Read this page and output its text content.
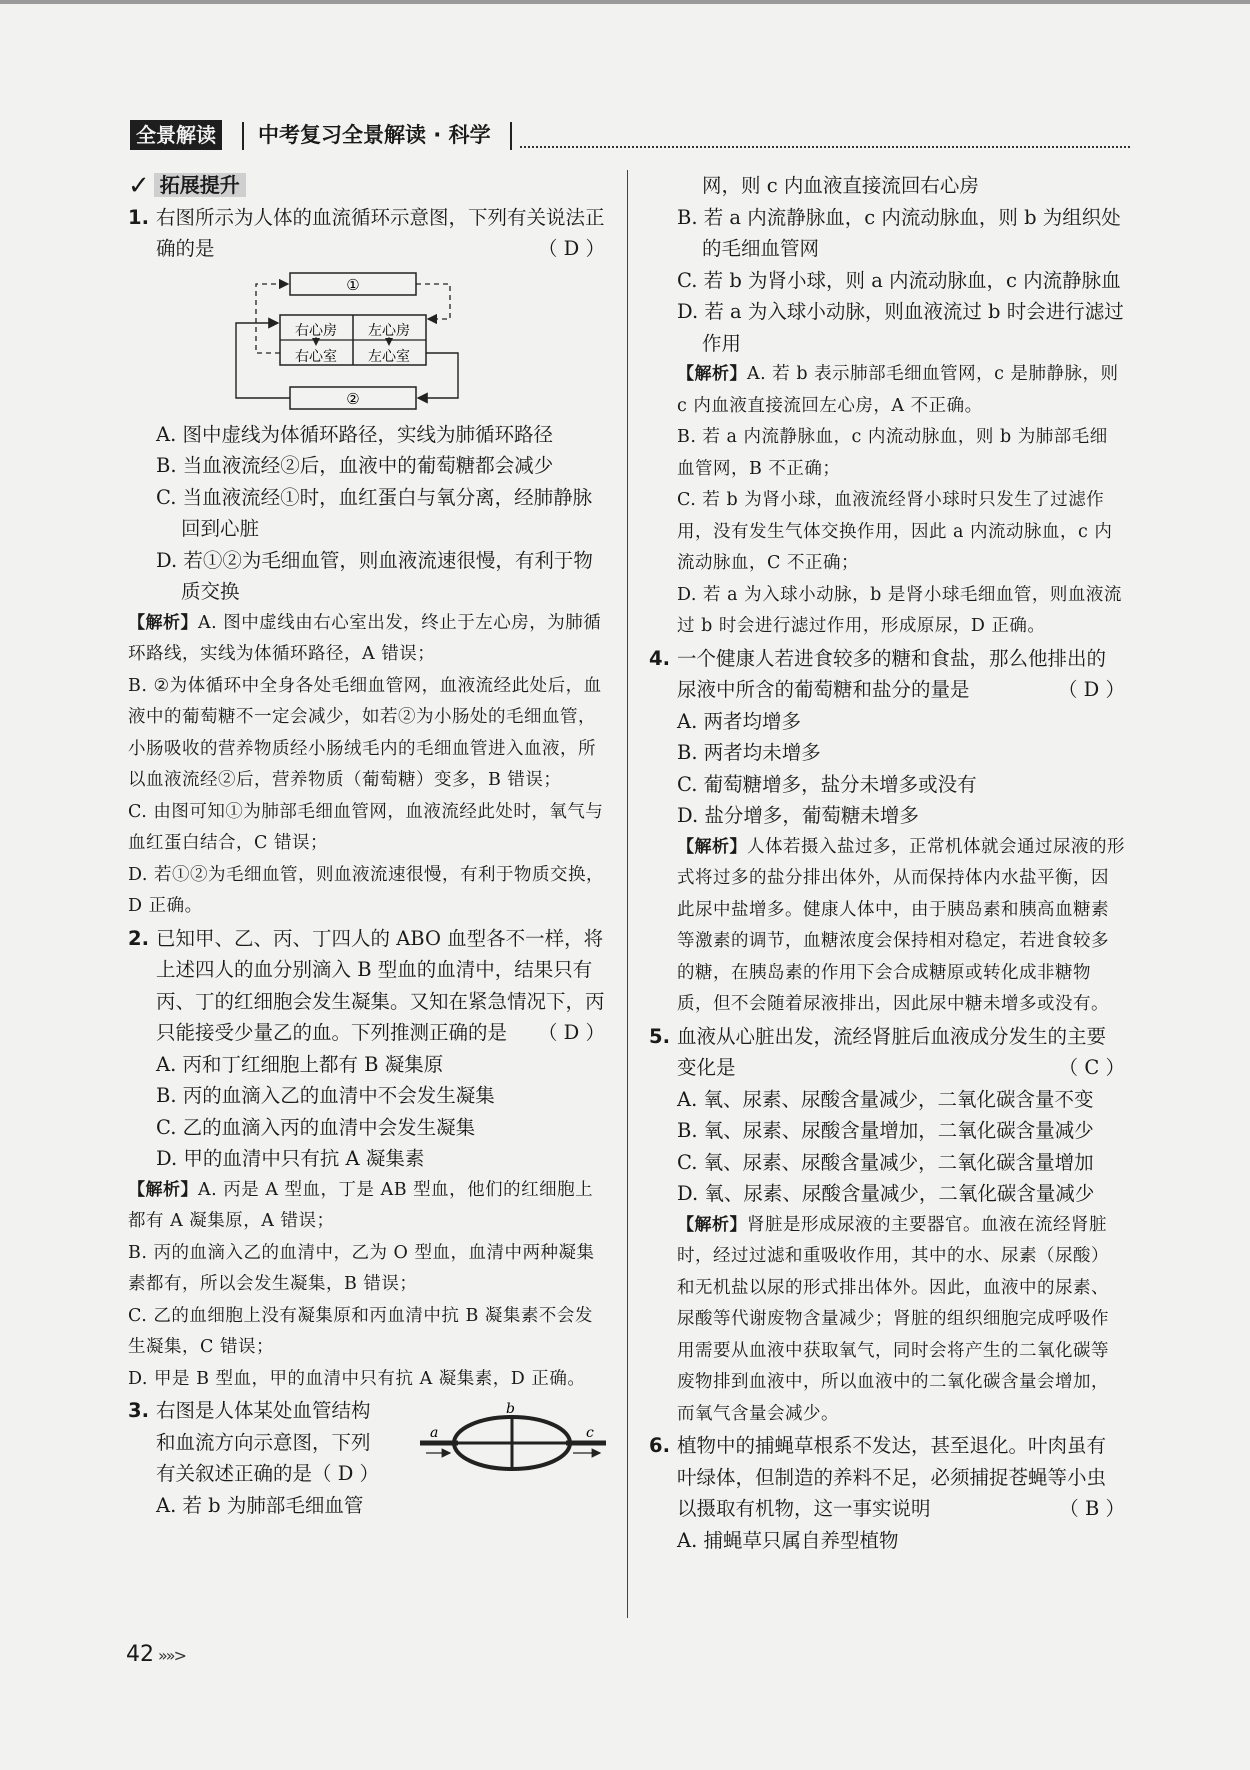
全景解读 中考复习全景解读 · 科学
✓ 拓展提升
1. 右图所示为人体的血流循环示意图，下列有关说法正确的是	（ D ）
①
右心房
右心室
左心房
左心室
②
A. 图中虚线为体循环路径，实线为肺循环路径
B. 当血液流经②后，血液中的葡萄糖都会减少
C. 当血液流经①时，血红蛋白与氧分离，经肺静脉回到心脏
D. 若①②为毛细血管，则血液流速很慢，有利于物质交换

【解析】A. 图中虚线由右心室出发，终止于左心房，为肺循环路线，实线为体循环路径，A 错误；

B. ②为体循环中全身各处毛细血管网，血液流经此处后，血液中的葡萄糖不一定会减少，如若②为小肠处的毛细血管，小肠吸收的营养物质经小肠绒毛内的毛细血管进入血液，所以血液流经②后，营养物质（葡萄糖）变多，B 错误；

C. 由图可知①为肺部毛细血管网，血液流经此处时，氧气与血红蛋白结合，C 错误；

D. 若①②为毛细血管，则血液流速很慢，有利于物质交换，D 正确。

2. 已知甲、乙、丙、丁四人的 ABO 血型各不一样，将上述四人的血分别滴入 B 型血的血清中，结果只有丙、丁的红细胞会发生凝集。又知在紧急情况下，丙只能接受少量乙的血。下列推测正确的是 （ D ）
A. 丙和丁红细胞上都有 B 凝集原
B. 丙的血滴入乙的血清中不会发生凝集
C. 乙的血滴入丙的血清中会发生凝集
D. 甲的血清中只有抗 A 凝集素

【解析】A. 丙是 A 型血，丁是 AB 型血，他们的红细胞上都有 A 凝集原，A 错误；

B. 丙的血滴入乙的血清中，乙为 O 型血，血清中两种凝集素都有，所以会发生凝集，B 错误；

C. 乙的血细胞上没有凝集原和丙血清中抗 B 凝集素不会发生凝集，C 错误；

D. 甲是 B 型血，甲的血清中只有抗 A 凝集素，D 正确。

3. 右图是人体某处血管结构
和血流方向示意图，下列
有关叙述正确的是（ D ）
A. 若 b 为肺部毛细血管
a
b
c
网，则 c 内血液直接流回右心房
B. 若 a 内流静脉血，c 内流动脉血，则 b 为组织处的毛细血管网
C. 若 b 为肾小球，则 a 内流动脉血，c 内流静脉血
D. 若 a 为入球小动脉，则血液流过 b 时会进行滤过作用

【解析】A. 若 b 表示肺部毛细血管网，c 是肺静脉，则 c 内血液直接流回左心房，A 不正确。

B. 若 a 内流静脉血，c 内流动脉血，则 b 为肺部毛细血管网，B 不正确；

C. 若 b 为肾小球，血液流经肾小球时只发生了过滤作用，没有发生气体交换作用，因此 a 内流动脉血，c 内流动脉血，C 不正确；

D. 若 a 为入球小动脉，b 是肾小球毛细血管，则血液流过 b 时会进行滤过作用，形成原尿，D 正确。

4. 一个健康人若进食较多的糖和食盐，那么他排出的尿液中所含的葡萄糖和盐分的量是	（ D ）
A. 两者均增多
B. 两者均未增多
C. 葡萄糖增多，盐分未增多或没有
D. 盐分增多，葡萄糖未增多

【解析】人体若摄入盐过多，正常机体就会通过尿液的形式将过多的盐分排出体外，从而保持体内水盐平衡，因此尿中盐增多。健康人体中，由于胰岛素和胰高血糖素等激素的调节，血糖浓度会保持相对稳定，若进食较多的糖，在胰岛素的作用下会合成糖原或转化成非糖物质，但不会随着尿液排出，因此尿中糖未增多或没有。

5. 血液从心脏出发，流经肾脏后血液成分发生的主要变化是	（ C ）
A. 氧、尿素、尿酸含量减少，二氧化碳含量不变
B. 氧、尿素、尿酸含量增加，二氧化碳含量减少
C. 氧、尿素、尿酸含量减少，二氧化碳含量增加
D. 氧、尿素、尿酸含量减少，二氧化碳含量减少

【解析】肾脏是形成尿液的主要器官。血液在流经肾脏时，经过过滤和重吸收作用，其中的水、尿素（尿酸）和无机盐以尿的形式排出体外。因此，血液中的尿素、尿酸等代谢废物含量减少；肾脏的组织细胞完成呼吸作用需要从血液中获取氧气，同时会将产生的二氧化碳等废物排到血液中，所以血液中的二氧化碳含量会增加，而氧气含量会减少。

6. 植物中的捕蝇草根系不发达，甚至退化。叶肉虽有叶绿体，但制造的养料不足，必须捕捉苍蝇等小虫以摄取有机物，这一事实说明	（ B ）
A. 捕蝇草只属自养型植物
42 »»>
